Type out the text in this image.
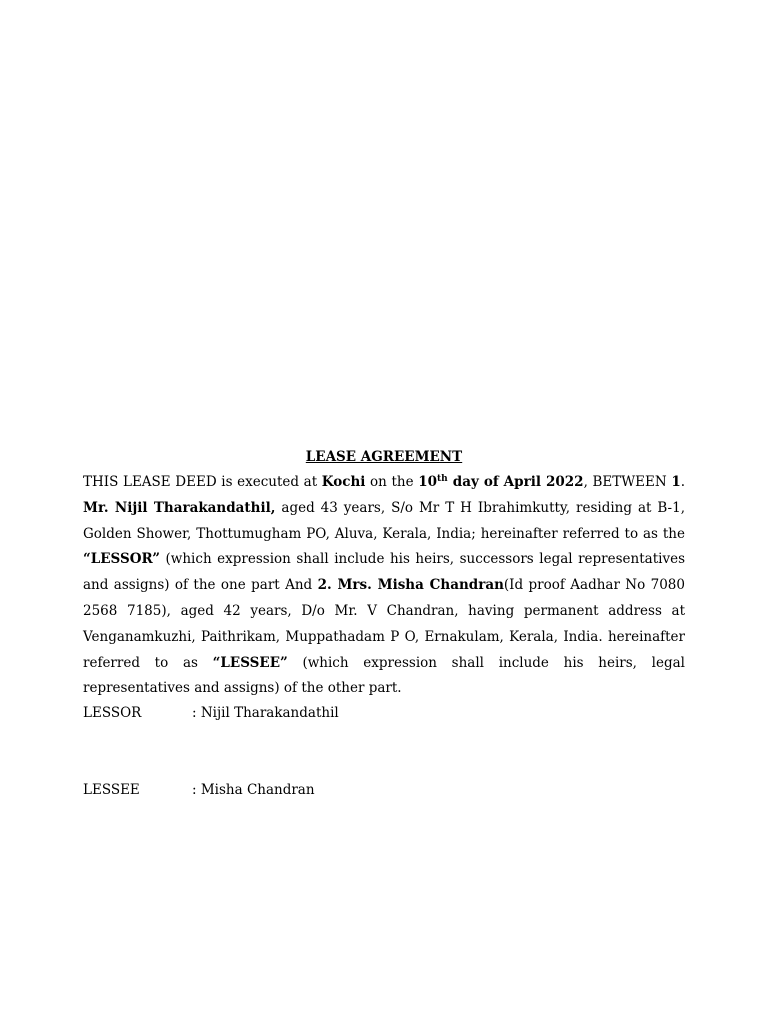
LEASE AGREEMENT
THIS LEASE DEED is executed at Kochi on the 10th day of April 2022, BETWEEN 1. Mr. Nijil Tharakandathil, aged 43 years, S/o Mr T H Ibrahimkutty, residing at B-1, Golden Shower, Thottumugham PO, Aluva, Kerala, India; hereinafter referred to as the “LESSOR” (which expression shall include his heirs, successors legal representatives and assigns) of the one part And 2. Mrs. Misha Chandran(Id proof Aadhar No 7080 2568 7185), aged 42 years, D/o Mr. V Chandran, having permanent address at Venganamkuzhi, Paithrikam, Muppathadam P O, Ernakulam, Kerala, India. hereinafter referred to as “LESSEE” (which expression shall include his heirs, legal representatives and assigns) of the other part.
LESSOR	: Nijil Tharakandathil
LESSEE	: Misha Chandran
